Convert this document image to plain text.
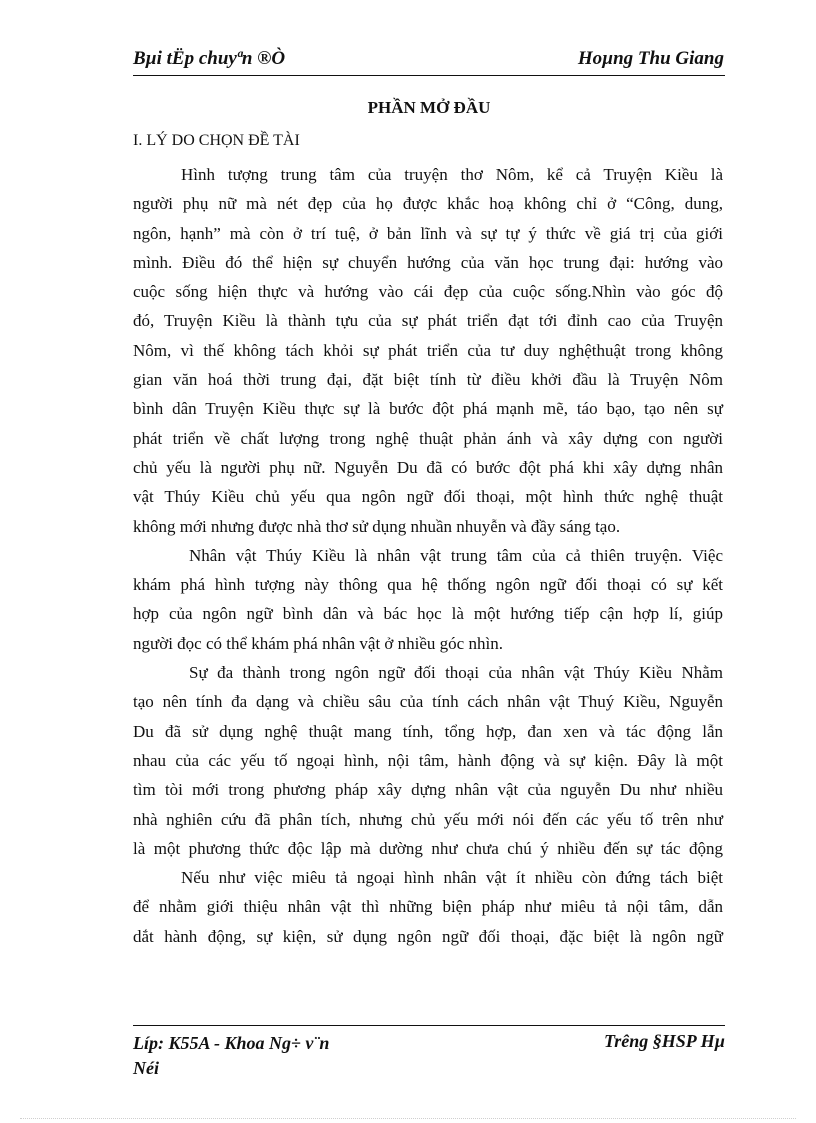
Bµi tËp chuyªn ®Ò	Hoµng Thu Giang
PHẦN MỞ ĐẦU
I. LÝ DO CHỌN ĐỀ TÀI
Hình tượng trung tâm của truyện thơ Nôm, kể cả Truyện Kiều là
người phụ nữ mà nét đẹp của họ được khắc hoạ không chỉ ở “Công, dung,
ngôn, hạnh” mà còn ở trí tuệ, ở bản lĩnh và sự tự ý thức về giá trị của giới
mình. Điều đó thể hiện sự chuyển hướng của văn học trung đại: hướng vào
cuộc sống hiện thực và hướng vào cái đẹp của cuộc sống.Nhìn vào góc độ
đó, Truyện Kiều là thành tựu của sự phát triển đạt tới đỉnh cao của Truyện
Nôm, vì thế không tách khỏi sự phát triển của tư duy nghệthuật trong không
gian văn hoá thời trung đại, đặt biệt tính từ điều khởi đầu là Truyện Nôm
bình dân Truyện Kiều thực sự là bước đột phá mạnh mẽ, táo bạo, tạo nên sự
phát triển về chất lượng trong nghệ thuật phản ánh và xây dựng con người
chủ yếu là người phụ nữ. Nguyễn Du đã có bước đột phá khi xây dựng nhân
vật Thúy Kiều chủ yếu qua ngôn ngữ đối thoại, một hình thức nghệ thuật
không mới nhưng được nhà thơ sử dụng nhuần nhuyễn và đầy sáng tạo.
Nhân vật Thúy Kiều là nhân vật trung tâm của cả thiên truyện. Việc
khám phá hình tượng này thông qua hệ thống ngôn ngữ đối thoại có sự kết
hợp của ngôn ngữ bình dân và bác học là một hướng tiếp cận hợp lí, giúp
người đọc có thể khám phá nhân vật ở nhiều góc nhìn.
Sự đa thành trong ngôn ngữ đối thoại của nhân vật Thúy Kiều Nhằm
tạo nên tính đa dạng và chiều sâu của tính cách nhân vật Thuý Kiều, Nguyễn
Du đã sử dụng nghệ thuật mang tính, tổng hợp, đan xen và tác động lẫn
nhau của các yếu tố ngoại hình, nội tâm, hành động và sự kiện. Đây là một
tìm tòi mới trong phương pháp xây dựng nhân vật của nguyễn Du như nhiều
nhà nghiên cứu đã phân tích, nhưng chủ yếu mới nói đến các yếu tố trên như
là một phương thức độc lập mà dường như chưa chú ý nhiều đến sự tác động
Nếu như việc miêu tả ngoại hình nhân vật ít nhiều còn đứng tách biệt
để nhằm giới thiệu nhân vật thì những biện pháp như miêu tả nội tâm, dẫn
dắt hành động, sự kiện, sử dụng ngôn ngữ đối thoại, đặc biệt là ngôn ngữ
Líp: K55A - Khoa Ng÷ v¨n
Néi
Trêng §HSP Hµ
